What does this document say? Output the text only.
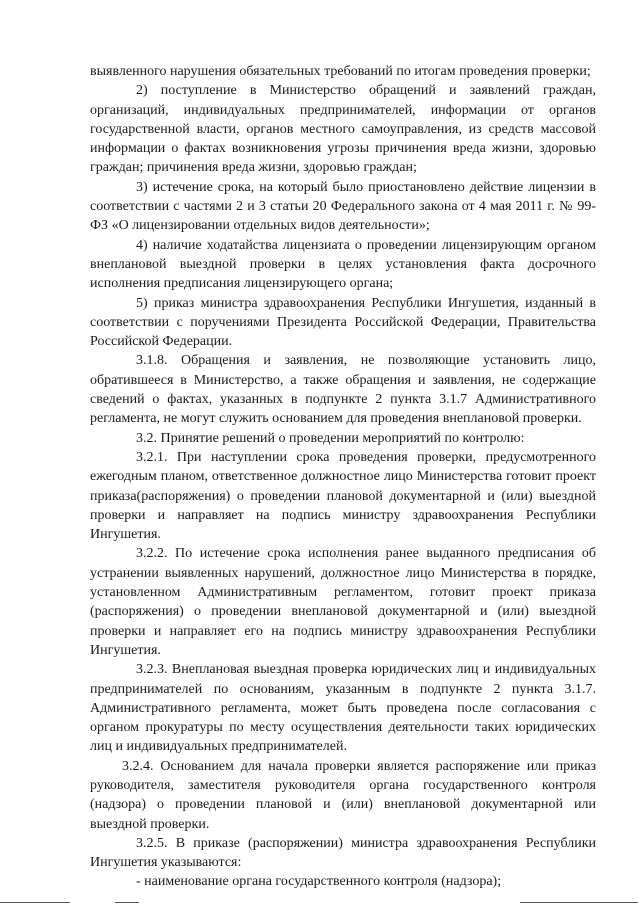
выявленного нарушения обязательных требований по итогам проведения проверки;

2) поступление в Министерство обращений и заявлений граждан, организаций, индивидуальных предпринимателей, информации от органов государственной власти, органов местного самоуправления, из средств массовой информации о фактах возникновения угрозы причинения вреда жизни, здоровью граждан; причинения вреда жизни, здоровью граждан;

3) истечение срока, на который было приостановлено действие лицензии в соответствии с частями 2 и 3 статьи 20 Федерального закона от 4 мая 2011 г. № 99-ФЗ «О лицензировании отдельных видов деятельности»;

4) наличие ходатайства лицензиата о проведении лицензирующим органом внеплановой выездной проверки в целях установления факта досрочного исполнения предписания лицензирующего органа;

5) приказ министра здравоохранения Республики Ингушетия, изданный в соответствии с поручениями Президента Российской Федерации, Правительства Российской Федерации.

3.1.8. Обращения и заявления, не позволяющие установить лицо, обратившееся в Министерство, а также обращения и заявления, не содержащие сведений о фактах, указанных в подпункте 2 пункта 3.1.7 Административного регламента, не могут служить основанием для проведения внеплановой проверки.

3.2. Принятие решений о проведении мероприятий по контролю:

3.2.1. При наступлении срока проведения проверки, предусмотренного ежегодным планом, ответственное должностное лицо Министерства готовит проект приказа(распоряжения) о проведении плановой документарной и (или) выездной проверки и направляет на подпись министру здравоохранения Республики Ингушетия.

3.2.2. По истечение срока исполнения ранее выданного предписания об устранении выявленных нарушений, должностное лицо Министерства в порядке, установленном Административным регламентом, готовит проект приказа (распоряжения) о проведении внеплановой документарной и (или) выездной проверки и направляет его на подпись министру здравоохранения Республики Ингушетия.

3.2.3. Внеплановая выездная проверка юридических лиц и индивидуальных предпринимателей по основаниям, указанным в подпункте 2 пункта 3.1.7. Административного регламента, может быть проведена после согласования с органом прокуратуры по месту осуществления деятельности таких юридических лиц и индивидуальных предпринимателей.

3.2.4. Основанием для начала проверки является распоряжение или приказ руководителя, заместителя руководителя органа государственного контроля (надзора) о проведении плановой и (или) внеплановой документарной или выездной проверки.

3.2.5. В приказе (распоряжении) министра здравоохранения Республики Ингушетия указываются:

- наименование органа государственного контроля (надзора);
